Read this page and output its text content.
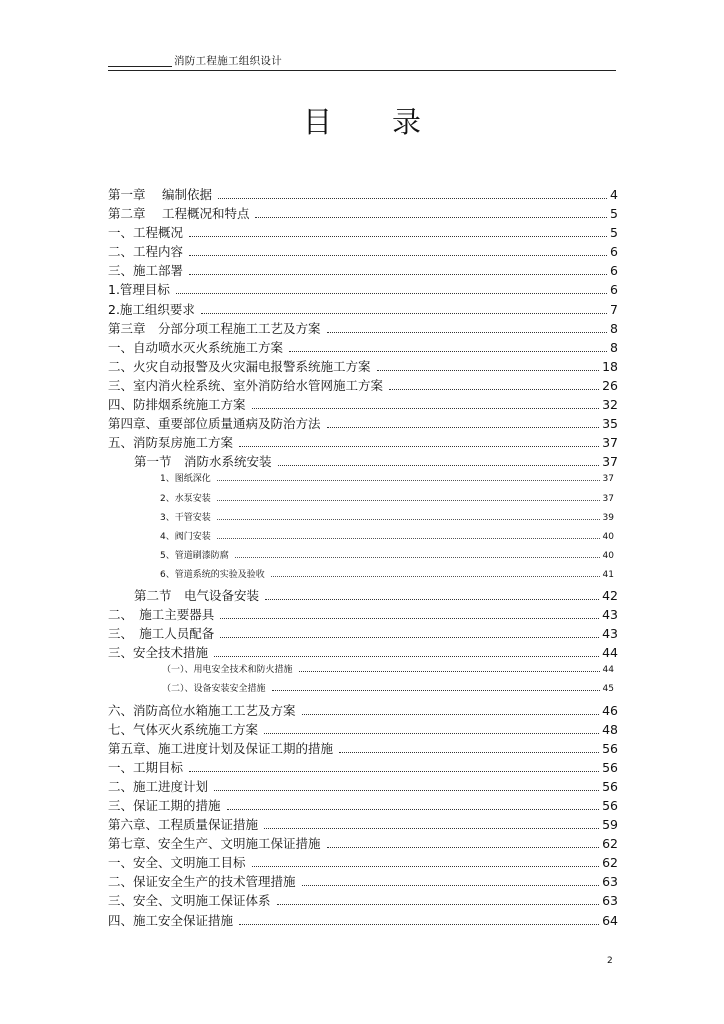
消防工程施工组织设计
目录
第一章　 编制依据	4
第二章　 工程概况和特点	5
一、工程概况	5
二、工程内容	6
三、施工部署	6
1.管理目标	6
2.施工组织要求	7
第三章　分部分项工程施工工艺及方案	8
一、自动喷水灭火系统施工方案	8
二、火灾自动报警及火灾漏电报警系统施工方案	18
三、室内消火栓系统、室外消防给水管网施工方案	26
四、防排烟系统施工方案	32
第四章、重要部位质量通病及防治方法	35
五、消防泵房施工方案	37
第一节　消防水系统安装	37
1、图纸深化	37
2、水泵安装	37
3、干管安装	39
4、阀门安装	40
5、管道刷漆防腐	40
6、管道系统的实验及验收	41
第二节　电气设备安装	42
二、　施工主要器具	43
三、　施工人员配备	43
三、安全技术措施	44
（一）、用电安全技术和防火措施	44
（二）、设备安装安全措施	45
六、消防高位水箱施工工艺及方案	46
七、气体灭火系统施工方案	48
第五章、施工进度计划及保证工期的措施	56
一、工期目标	56
二、施工进度计划	56
三、保证工期的措施	56
第六章、工程质量保证措施	59
第七章、安全生产、文明施工保证措施	62
一、安全、文明施工目标	62
二、保证安全生产的技术管理措施	63
三、安全、文明施工保证体系	63
四、施工安全保证措施	64
2
